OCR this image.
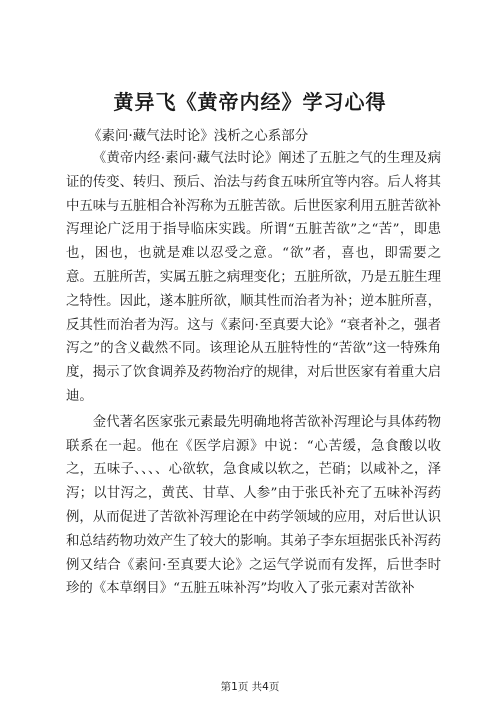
黄异飞《黄帝内经》学习心得
《素问·藏气法时论》浅析之心系部分

《黄帝内经·素问·藏气法时论》阐述了五脏之气的生理及病证的传变、转归、预后、治法与药食五味所宜等内容。后人将其中五味与五脏相合补泻称为五脏苦欲。后世医家利用五脏苦欲补泻理论广泛用于指导临床实践。所谓“五脏苦欲”之“苦”，即患也，困也，也就是难以忍受之意。“欲”者，喜也，即需要之意。五脏所苦，实属五脏之病理变化；五脏所欲，乃是五脏生理之特性。因此，遂本脏所欲，顺其性而治者为补；逆本脏所喜，反其性而治者为泻。这与《素问·至真要大论》“衰者补之，强者泻之”的含义截然不同。该理论从五脏特性的“苦欲”这一特殊角度，揭示了饮食调养及药物治疗的规律，对后世医家有着重大启迪。

金代著名医家张元素最先明确地将苦欲补泻理论与具体药物联系在一起。他在《医学启源》中说：“心苦缓，急食酸以收之，五味子、、、、心欲软，急食咸以软之，芒硝；以咸补之，泽泻；以甘泻之，黄芪、甘草、人参”由于张氏补充了五味补泻药例，从而促进了苦欲补泻理论在中药学领域的应用，对后世认识和总结药物功效产生了较大的影响。其弟子李东垣据张氏补泻药例又结合《素问·至真要大论》之运气学说而有发挥，后世李时珍的《本草纲目》“五脏五味补泻”均收入了张元素对苦欲补

第1页 共4页
